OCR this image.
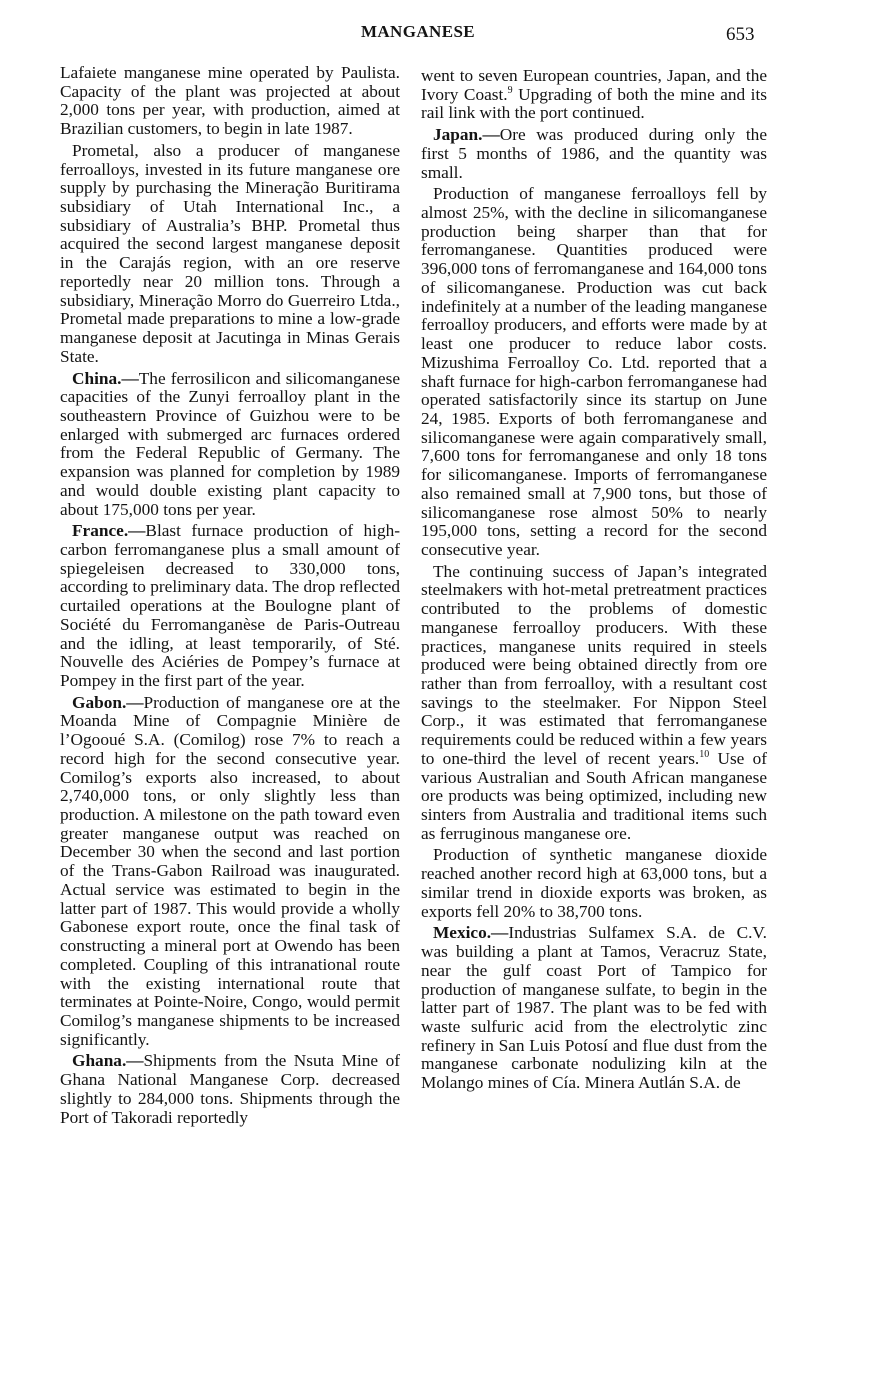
MANGANESE	653

Lafaiete manganese mine operated by Paulista. Capacity of the plant was projected at about 2,000 tons per year, with production, aimed at Brazilian customers, to begin in late 1987.

Prometal, also a producer of manganese ferroalloys, invested in its future manganese ore supply by purchasing the Mineração Buritirama subsidiary of Utah International Inc., a subsidiary of Australia’s BHP. Prometal thus acquired the second largest manganese deposit in the Carajás region, with an ore reserve reportedly near 20 million tons. Through a subsidiary, Mineração Morro do Guerreiro Ltda., Prometal made preparations to mine a low-grade manganese deposit at Jacutinga in Minas Gerais State.

China.—The ferrosilicon and silicomanganese capacities of the Zunyi ferroalloy plant in the southeastern Province of Guizhou were to be enlarged with submerged arc furnaces ordered from the Federal Republic of Germany. The expansion was planned for completion by 1989 and would double existing plant capacity to about 175,000 tons per year.

France.—Blast furnace production of high-carbon ferromanganese plus a small amount of spiegeleisen decreased to 330,000 tons, according to preliminary data. The drop reflected curtailed operations at the Boulogne plant of Société du Ferromanganèse de Paris-Outreau and the idling, at least temporarily, of Sté. Nouvelle des Aciéries de Pompey’s furnace at Pompey in the first part of the year.

Gabon.—Production of manganese ore at the Moanda Mine of Compagnie Minière de l’Ogooué S.A. (Comilog) rose 7% to reach a record high for the second consecutive year. Comilog’s exports also increased, to about 2,740,000 tons, or only slightly less than production. A milestone on the path toward even greater manganese output was reached on December 30 when the second and last portion of the Trans-Gabon Railroad was inaugurated. Actual service was estimated to begin in the latter part of 1987. This would provide a wholly Gabonese export route, once the final task of constructing a mineral port at Owendo has been completed. Coupling of this intranational route with the existing international route that terminates at Pointe-Noire, Congo, would permit Comilog’s manganese shipments to be increased significantly.

Ghana.—Shipments from the Nsuta Mine of Ghana National Manganese Corp. decreased slightly to 284,000 tons. Shipments through the Port of Takoradi reportedly

went to seven European countries, Japan, and the Ivory Coast.$^9$ Upgrading of both the mine and its rail link with the port continued.

Japan.—Ore was produced during only the first 5 months of 1986, and the quantity was small.

Production of manganese ferroalloys fell by almost 25%, with the decline in silicomanganese production being sharper than that for ferromanganese. Quantities produced were 396,000 tons of ferromanganese and 164,000 tons of silicomanganese. Production was cut back indefinitely at a number of the leading manganese ferroalloy producers, and efforts were made by at least one producer to reduce labor costs. Mizushima Ferroalloy Co. Ltd. reported that a shaft furnace for high-carbon ferromanganese had operated satisfactorily since its startup on June 24, 1985. Exports of both ferromanganese and silicomanganese were again comparatively small, 7,600 tons for ferromanganese and only 18 tons for silicomanganese. Imports of ferromanganese also remained small at 7,900 tons, but those of silicomanganese rose almost 50% to nearly 195,000 tons, setting a record for the second consecutive year.

The continuing success of Japan’s integrated steelmakers with hot-metal pretreatment practices contributed to the problems of domestic manganese ferroalloy producers. With these practices, manganese units required in steels produced were being obtained directly from ore rather than from ferroalloy, with a resultant cost savings to the steelmaker. For Nippon Steel Corp., it was estimated that ferromanganese requirements could be reduced within a few years to one-third the level of recent years.$^{10}$ Use of various Australian and South African manganese ore products was being optimized, including new sinters from Australia and traditional items such as ferruginous manganese ore.

Production of synthetic manganese dioxide reached another record high at 63,000 tons, but a similar trend in dioxide exports was broken, as exports fell 20% to 38,700 tons.

Mexico.—Industrias Sulfamex S.A. de C.V. was building a plant at Tamos, Veracruz State, near the gulf coast Port of Tampico for production of manganese sulfate, to begin in the latter part of 1987. The plant was to be fed with waste sulfuric acid from the electrolytic zinc refinery in San Luis Potosí and flue dust from the manganese carbonate nodulizing kiln at the Molango mines of Cía. Minera Autlán S.A. de
